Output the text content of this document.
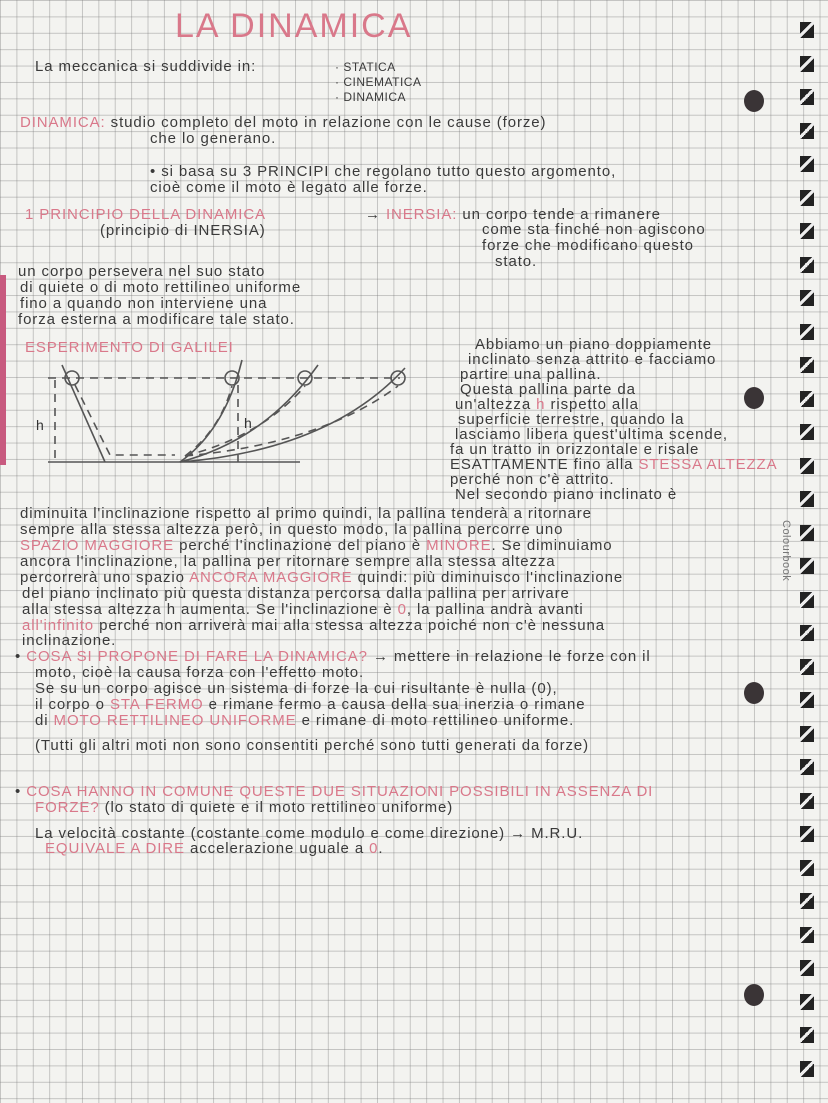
Colourbook
h	h
LA DINAMICA
La meccanica si suddivide in:	· STATICA
· CINEMATICA
· DINAMICA
DINAMICA: studio completo del moto in relazione con le cause (forze)
che lo generano.
• si basa su 3 PRINCIPI che regolano tutto questo argomento,
cioè come il moto è legato alle forze.
1 PRINCIPIO DELLA DINAMICA
(principio di INERSIA)
→ INERSIA: un corpo tende a rimanere
come sta finché non agiscono
forze che modificano questo
stato.
un corpo persevera nel suo stato
di quiete o di moto rettilineo uniforme
fino a quando non interviene una
forza esterna a modificare tale stato.
ESPERIMENTO DI GALILEI	Abbiamo un piano doppiamente
inclinato senza attrito e facciamo
partire una pallina.
Questa pallina parte da
un'altezza h rispetto alla
superficie terrestre, quando la
lasciamo libera quest'ultima scende,
fa un tratto in orizzontale e risale
ESATTAMENTE fino alla STESSA ALTEZZA
perché non c'è attrito.
Nel secondo piano inclinato è
diminuita l'inclinazione rispetto al primo quindi, la pallina tenderà a ritornare
sempre alla stessa altezza però, in questo modo, la pallina percorre uno
SPAZIO MAGGIORE perché l'inclinazione del piano è MINORE. Se diminuiamo
ancora l'inclinazione, la pallina per ritornare sempre alla stessa altezza
percorrerà uno spazio ANCORA MAGGIORE quindi: più diminuisco l'inclinazione
del piano inclinato più questa distanza percorsa dalla pallina per arrivare
alla stessa altezza h aumenta. Se l'inclinazione è 0, la pallina andrà avanti
all'infinito perché non arriverà mai alla stessa altezza poiché non c'è nessuna
inclinazione.
• COSA SI PROPONE DI FARE LA DINAMICA? → mettere in relazione le forze con il
moto, cioè la causa forza con l'effetto moto.
Se su un corpo agisce un sistema di forze la cui risultante è nulla (0),
il corpo o STA FERMO e rimane fermo a causa della sua inerzia o rimane
di MOTO RETTILINEO UNIFORME e rimane di moto rettilineo uniforme.
(Tutti gli altri moti non sono consentiti perché sono tutti generati da forze)
• COSA HANNO IN COMUNE QUESTE DUE SITUAZIONI POSSIBILI IN ASSENZA DI
FORZE? (lo stato di quiete e il moto rettilineo uniforme)
La velocità costante (costante come modulo e come direzione) → M.R.U.
EQUIVALE A DIRE accelerazione uguale a 0.
